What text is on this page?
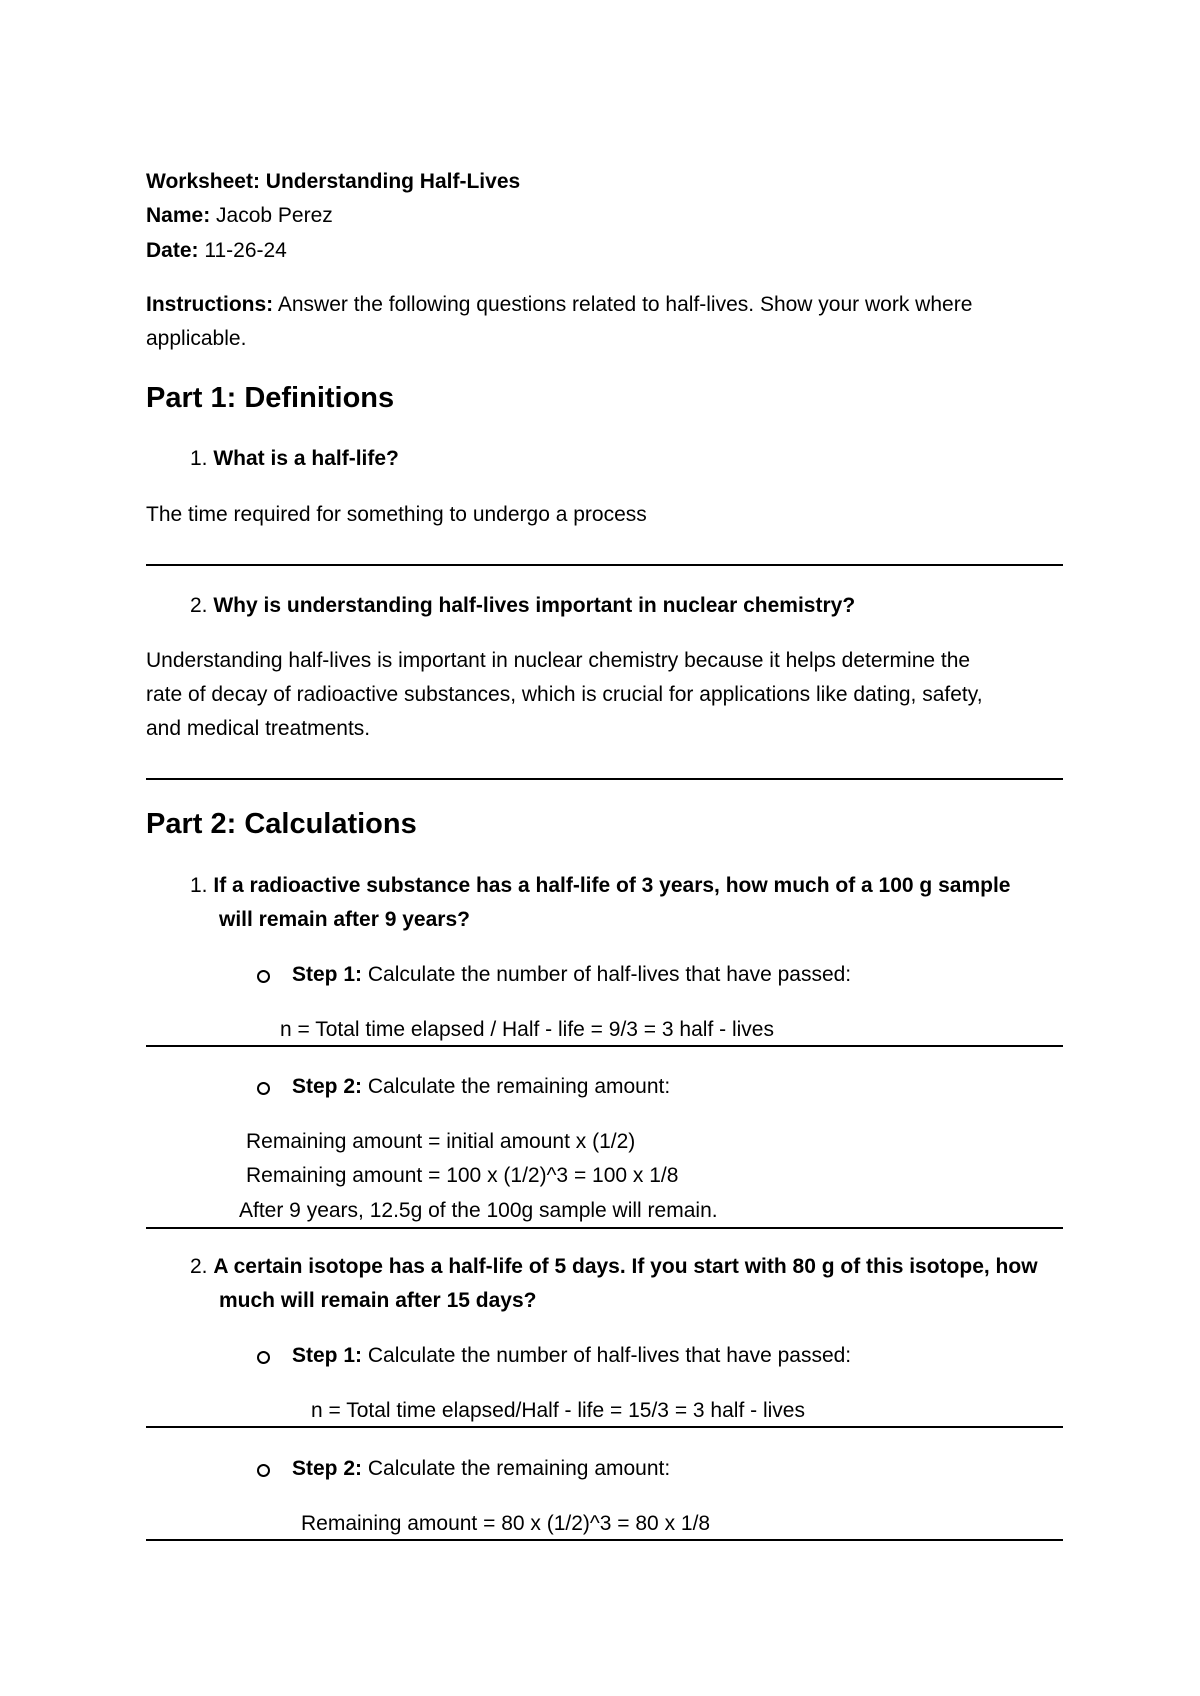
Worksheet: Understanding Half-Lives
Name: Jacob Perez
Date: 11-26-24
Instructions: Answer the following questions related to half-lives. Show your work where
applicable.
Part 1: Definitions
1. What is a half-life?
The time required for something to undergo a process
2. Why is understanding half-lives important in nuclear chemistry?
Understanding half-lives is important in nuclear chemistry because it helps determine the
rate of decay of radioactive substances, which is crucial for applications like dating, safety,
and medical treatments.
Part 2: Calculations
1. If a radioactive substance has a half-life of 3 years, how much of a 100 g sample
will remain after 9 years?
Step 1: Calculate the number of half-lives that have passed:
n = Total time elapsed / Half - life = 9/3 = 3 half - lives
Step 2: Calculate the remaining amount:
Remaining amount = initial amount x (1/2)
Remaining amount = 100 x (1/2)^3 = 100 x 1/8
After 9 years, 12.5g of the 100g sample will remain.
2. A certain isotope has a half-life of 5 days. If you start with 80 g of this isotope, how
much will remain after 15 days?
Step 1: Calculate the number of half-lives that have passed:
n = Total time elapsed/Half - life = 15/3 = 3 half - lives
Step 2: Calculate the remaining amount:
Remaining amount = 80 x (1/2)^3 = 80 x 1/8
